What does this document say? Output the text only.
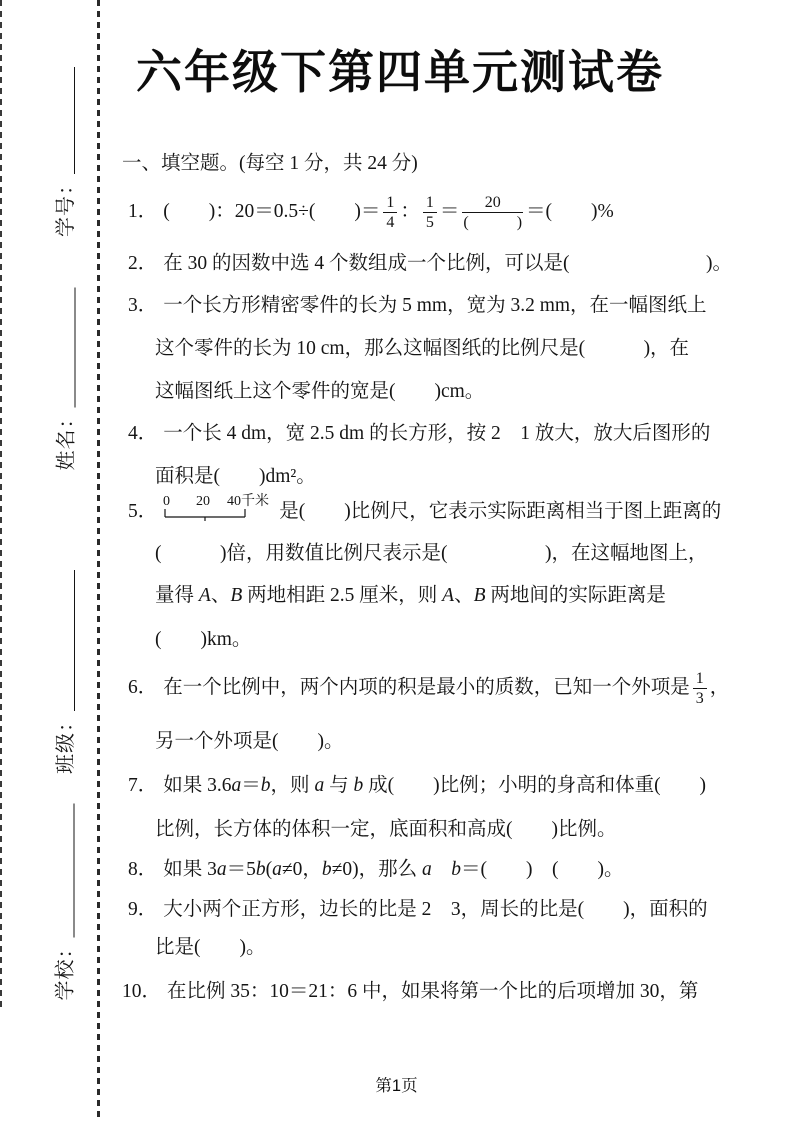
学号：
姓名：
班级：
学校：
六年级下第四单元测试卷
一、填空题。(每空 1 分，共 24 分)
1． (　　)：20＝0.5÷(　　)＝ $\frac{1}{4}$ ： $\frac{1}{5} = \frac{20}{( )}$ ＝(　　)%
2． 在 30 的因数中选 4 个数组成一个比例，可以是(　　　　　　　)。
3． 一个长方形精密零件的长为 5 mm，宽为 3.2 mm，在一幅图纸上
这个零件的长为 10 cm，那么这幅图纸的比例尺是(　　　)，在
这幅图纸上这个零件的宽是(　　)cm。
4． 一个长 4 dm，宽 2.5 dm 的长方形，按 2　1 放大，放大后图形的
面积是(　　)dm²。
5． 0 20 40千米 是(　　)比例尺，它表示实际距离相当于图上距离的
(　　　)倍，用数值比例尺表示是(　　　　　)，在这幅地图上，
量得 A、B 两地相距 2.5 厘米，则 A、B 两地间的实际距离是
(　　)km。
6． 在一个比例中，两个内项的积是最小的质数，已知一个外项是 $\frac{1}{3}$ ，
另一个外项是(　　)。
7． 如果 3.6a＝b，则 a 与 b 成(　　)比例；小明的身高和体重(　　)
比例，长方体的体积一定，底面积和高成(　　)比例。
8． 如果 3a＝5b(a≠0，b≠0)，那么 a　 b＝(　　)　(　　)。
9． 大小两个正方形，边长的比是 2　3，周长的比是(　　)，面积的
比是(　　)。
10． 在比例 35：10＝21：6 中，如果将第一个比的后项增加 30，第
第1页
